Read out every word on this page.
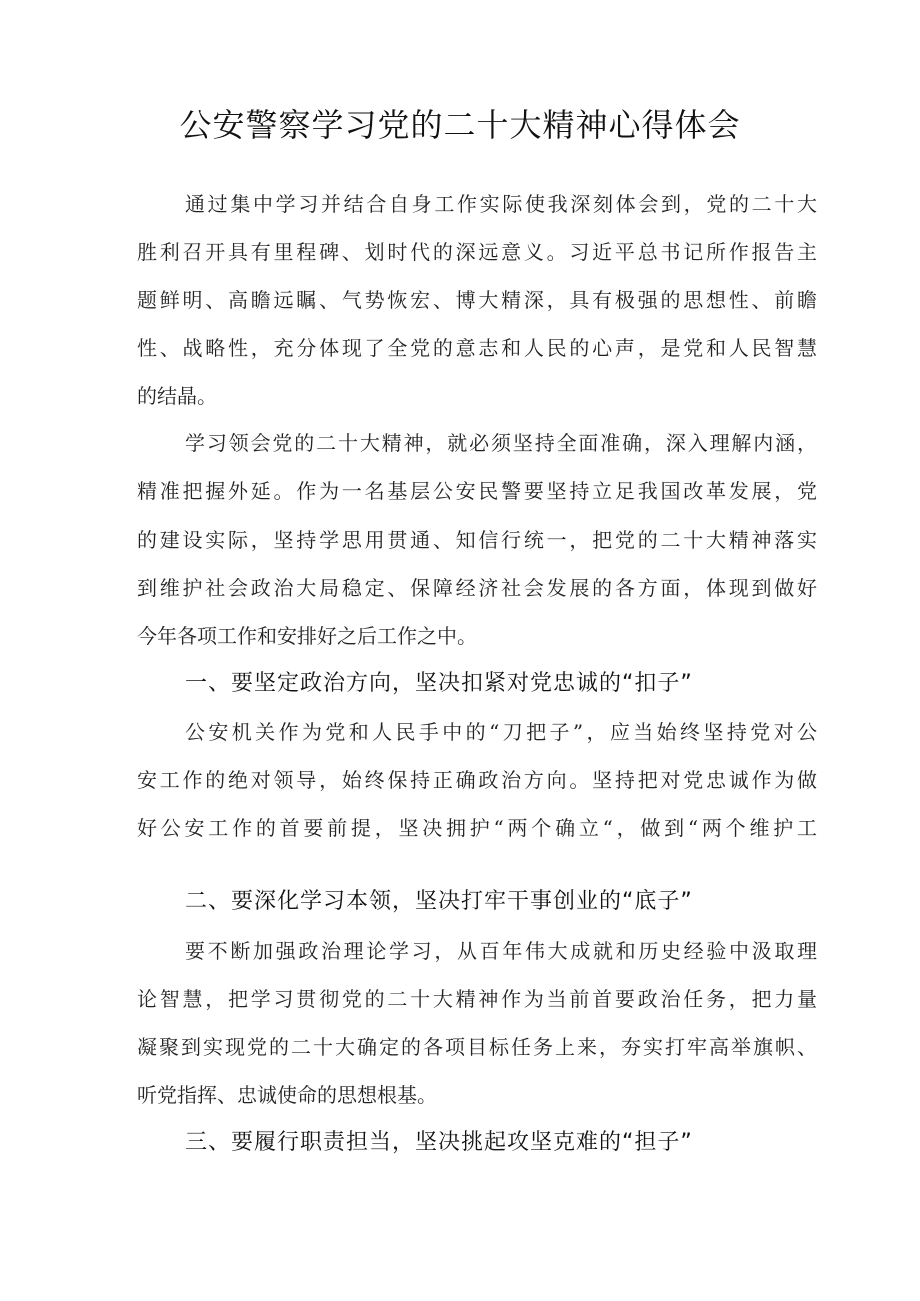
公安警察学习党的二十大精神心得体会
通过集中学习并结合自身工作实际使我深刻体会到，党的二十大
胜利召开具有里程碑、划时代的深远意义。习近平总书记所作报告主
题鲜明、高瞻远瞩、气势恢宏、博大精深，具有极强的思想性、前瞻
性、战略性，充分体现了全党的意志和人民的心声，是党和人民智慧
的结晶。
学习领会党的二十大精神，就必须坚持全面准确，深入理解内涵，
精准把握外延。作为一名基层公安民警要坚持立足我国改革发展，党
的建设实际，坚持学思用贯通、知信行统一，把党的二十大精神落实
到维护社会政治大局稳定、保障经济社会发展的各方面，体现到做好
今年各项工作和安排好之后工作之中。
一、要坚定政治方向，坚决扣紧对党忠诚的“扣子”
公安机关作为党和人民手中的“刀把子”，应当始终坚持党对公
安工作的绝对领导，始终保持正确政治方向。坚持把对党忠诚作为做
好公安工作的首要前提，坚决拥护“两个确立“，做到“两个维护工
二、要深化学习本领，坚决打牢干事创业的“底子”
要不断加强政治理论学习，从百年伟大成就和历史经验中汲取理
论智慧，把学习贯彻党的二十大精神作为当前首要政治任务，把力量
凝聚到实现党的二十大确定的各项目标任务上来，夯实打牢高举旗帜、
听党指挥、忠诚使命的思想根基。
三、要履行职责担当，坚决挑起攻坚克难的“担子”
